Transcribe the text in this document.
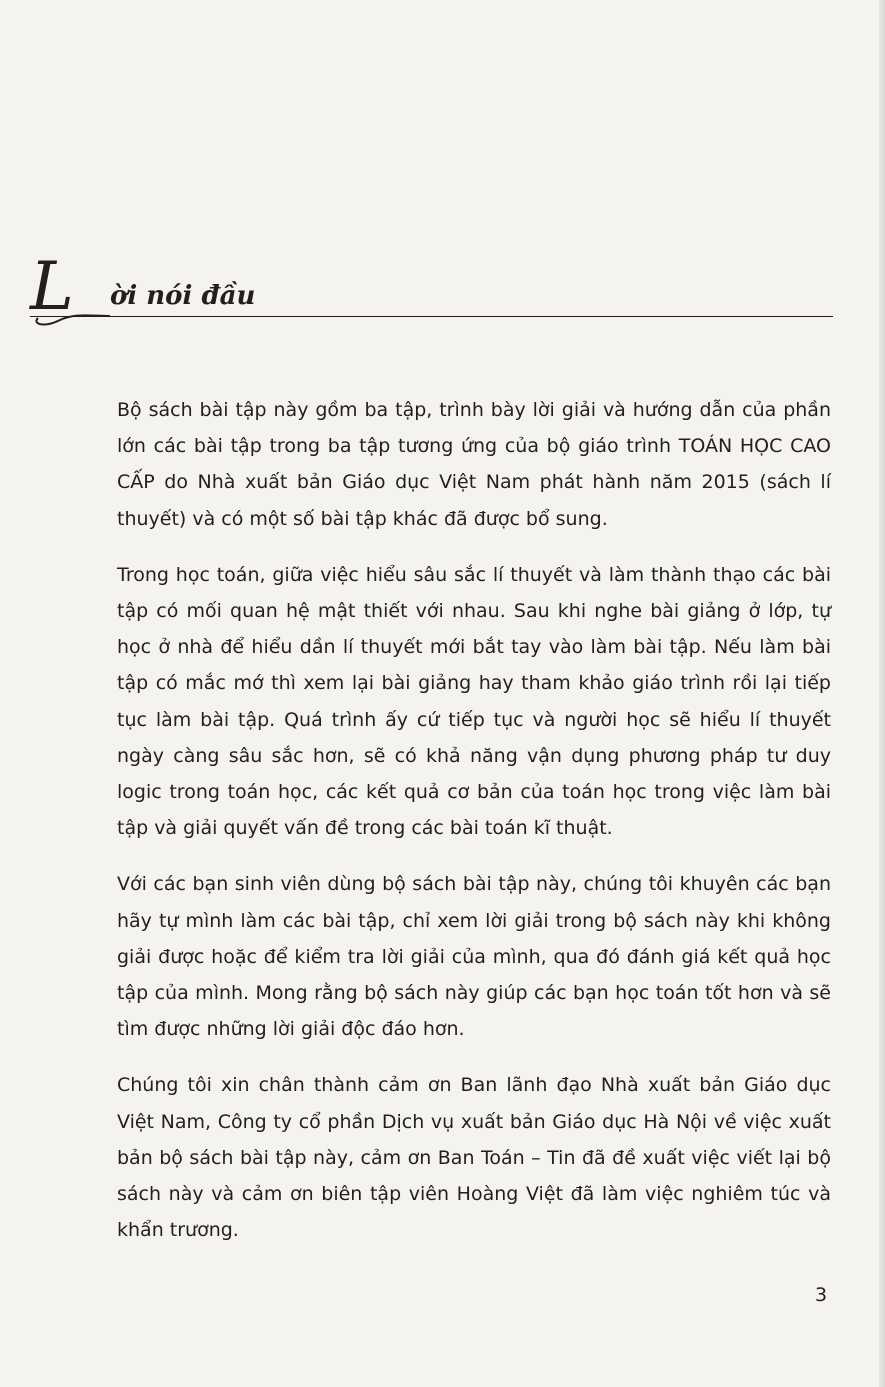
L ời nói đầu

Bộ sách bài tập này gồm ba tập, trình bày lời giải và hướng dẫn của phần lớn các bài tập trong ba tập tương ứng của bộ giáo trình TOÁN HỌC CAO CẤP do Nhà xuất bản Giáo dục Việt Nam phát hành năm 2015 (sách lí thuyết) và có một số bài tập khác đã được bổ sung.

Trong học toán, giữa việc hiểu sâu sắc lí thuyết và làm thành thạo các bài tập có mối quan hệ mật thiết với nhau. Sau khi nghe bài giảng ở lớp, tự học ở nhà để hiểu dần lí thuyết mới bắt tay vào làm bài tập. Nếu làm bài tập có mắc mớ thì xem lại bài giảng hay tham khảo giáo trình rồi lại tiếp tục làm bài tập. Quá trình ấy cứ tiếp tục và người học sẽ hiểu lí thuyết ngày càng sâu sắc hơn, sẽ có khả năng vận dụng phương pháp tư duy logic trong toán học, các kết quả cơ bản của toán học trong việc làm bài tập và giải quyết vấn đề trong các bài toán kĩ thuật.

Với các bạn sinh viên dùng bộ sách bài tập này, chúng tôi khuyên các bạn hãy tự mình làm các bài tập, chỉ xem lời giải trong bộ sách này khi không giải được hoặc để kiểm tra lời giải của mình, qua đó đánh giá kết quả học tập của mình. Mong rằng bộ sách này giúp các bạn học toán tốt hơn và sẽ tìm được những lời giải độc đáo hơn.

Chúng tôi xin chân thành cảm ơn Ban lãnh đạo Nhà xuất bản Giáo dục Việt Nam, Công ty cổ phần Dịch vụ xuất bản Giáo dục Hà Nội về việc xuất bản bộ sách bài tập này, cảm ơn Ban Toán – Tin đã đề xuất việc viết lại bộ sách này và cảm ơn biên tập viên Hoàng Việt đã làm việc nghiêm túc và khẩn trương.

3
